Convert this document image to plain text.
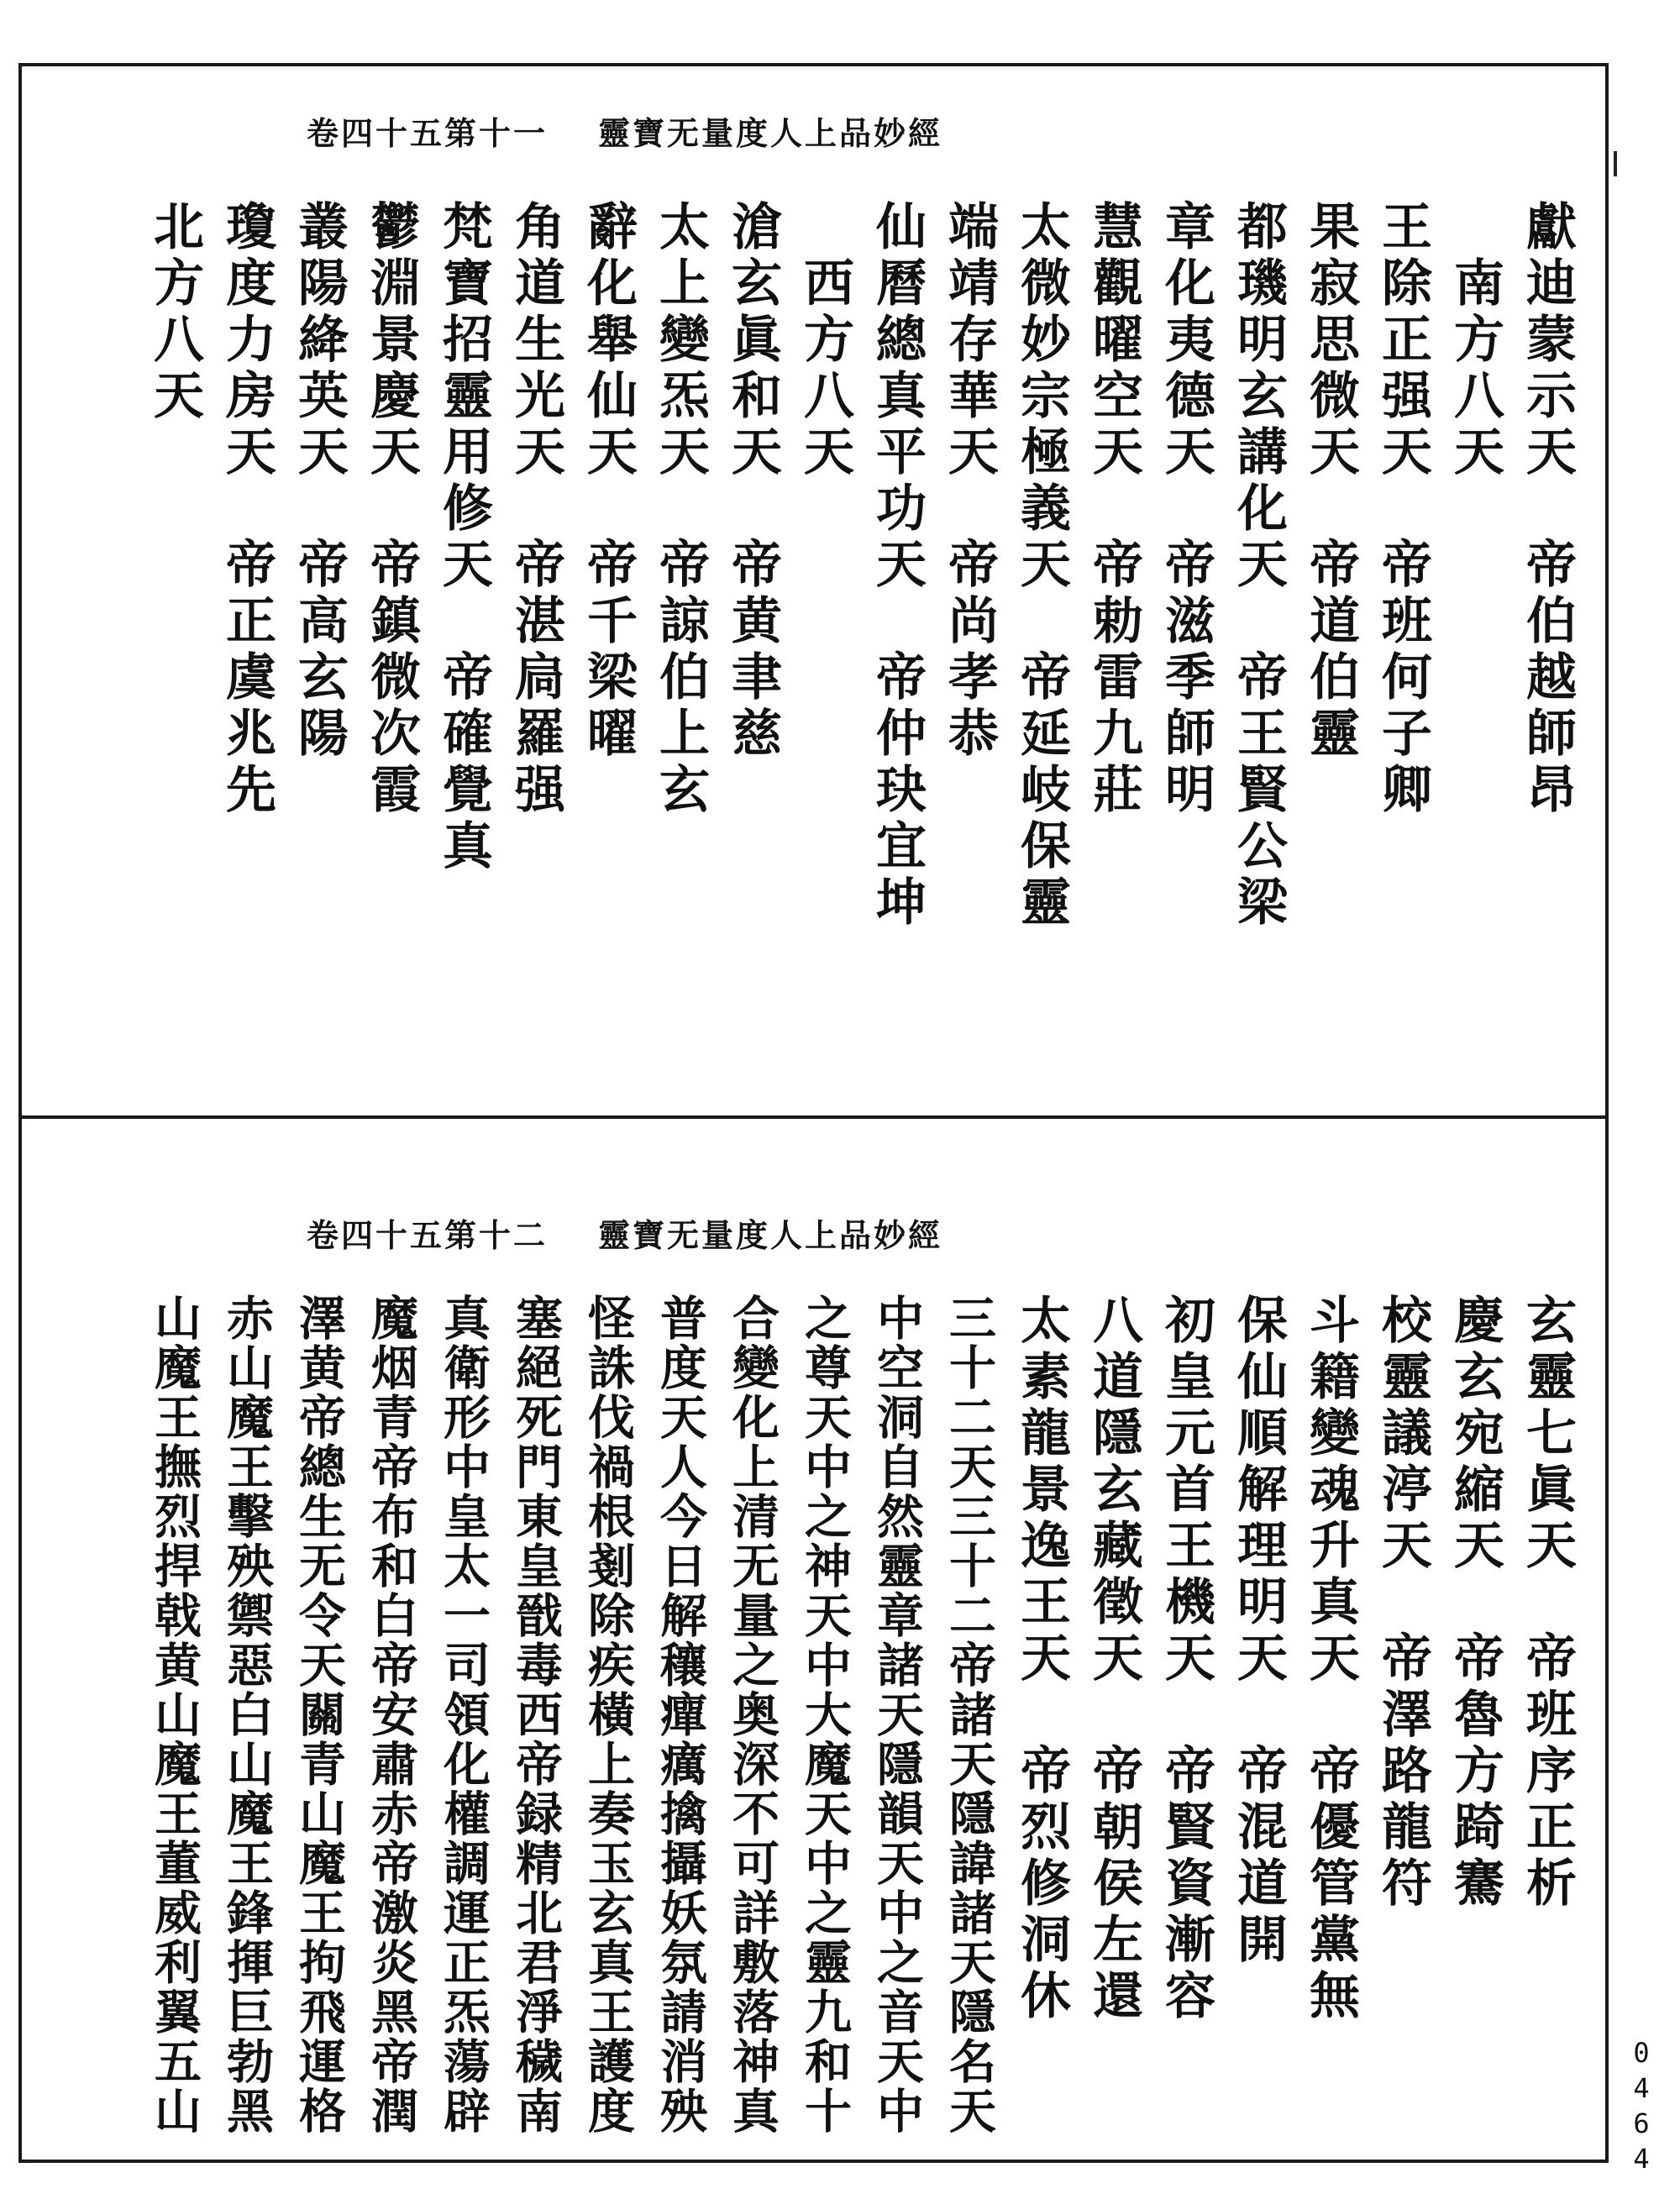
卷四十五第十一 靈寶无量度人上品妙經
獻迪蒙示天　帝伯越師昂
　南方八天
王除正强天　帝班何子卿
果寂思微天　帝道伯靈
都璣明玄講化天　帝王賢公梁
章化夷德天　帝滋季師明
慧觀曜空天　帝勅雷九莊
太微妙宗極義天　帝延岐保靈
端靖存華天　帝尚孝恭
仙曆總真平功天　帝仲玦宜坤
　西方八天
滄玄眞和天　帝黄聿慈
太上變炁天　帝諒伯上玄
辭化舉仙天　帝千梁曜
角道生光天　帝湛扃羅强
梵寶招靈用修天　帝確覺真
鬱淵景慶天　帝鎮微次霞
叢陽絳英天　帝高玄陽
瓊度力房天　帝正虞兆先
北方八天
卷四十五第十二 靈寶无量度人上品妙經
玄靈七眞天　帝班序正析
慶玄宛縮天　帝魯方踦騫
校靈議渟天　帝澤路龍符
斗籍變魂升真天　帝優管黨無
保仙順解理明天　帝混道開
初皇元首王機天　帝賢資漸容
八道隱玄藏徵天　帝朝侯左還
太素龍景逸王天　帝烈修洞休
三十二天三十二帝諸天隱諱諸天隱名天
中空洞自然靈章諸天隱韻天中之音天中
之尊天中之神天中大魔天中之靈九和十
合變化上清无量之奥深不可詳敷落神真
普度天人今日解穰癉癘擒攝妖氛請消殃
怪誅伐禍根剗除疾橫上奏玉玄真王護度
塞絕死門東皇戩毒西帝録精北君淨穢南
真衛形中皇太一司領化權調運正炁蕩辟
魔烟青帝布和白帝安肅赤帝激炎黑帝潤
澤黄帝總生无令天關青山魔王拘飛運格
赤山魔王擊殃禦惡白山魔王鋒揮巨勃黑
山魔王撫烈捍戟黄山魔王董威利翼五山	0464
